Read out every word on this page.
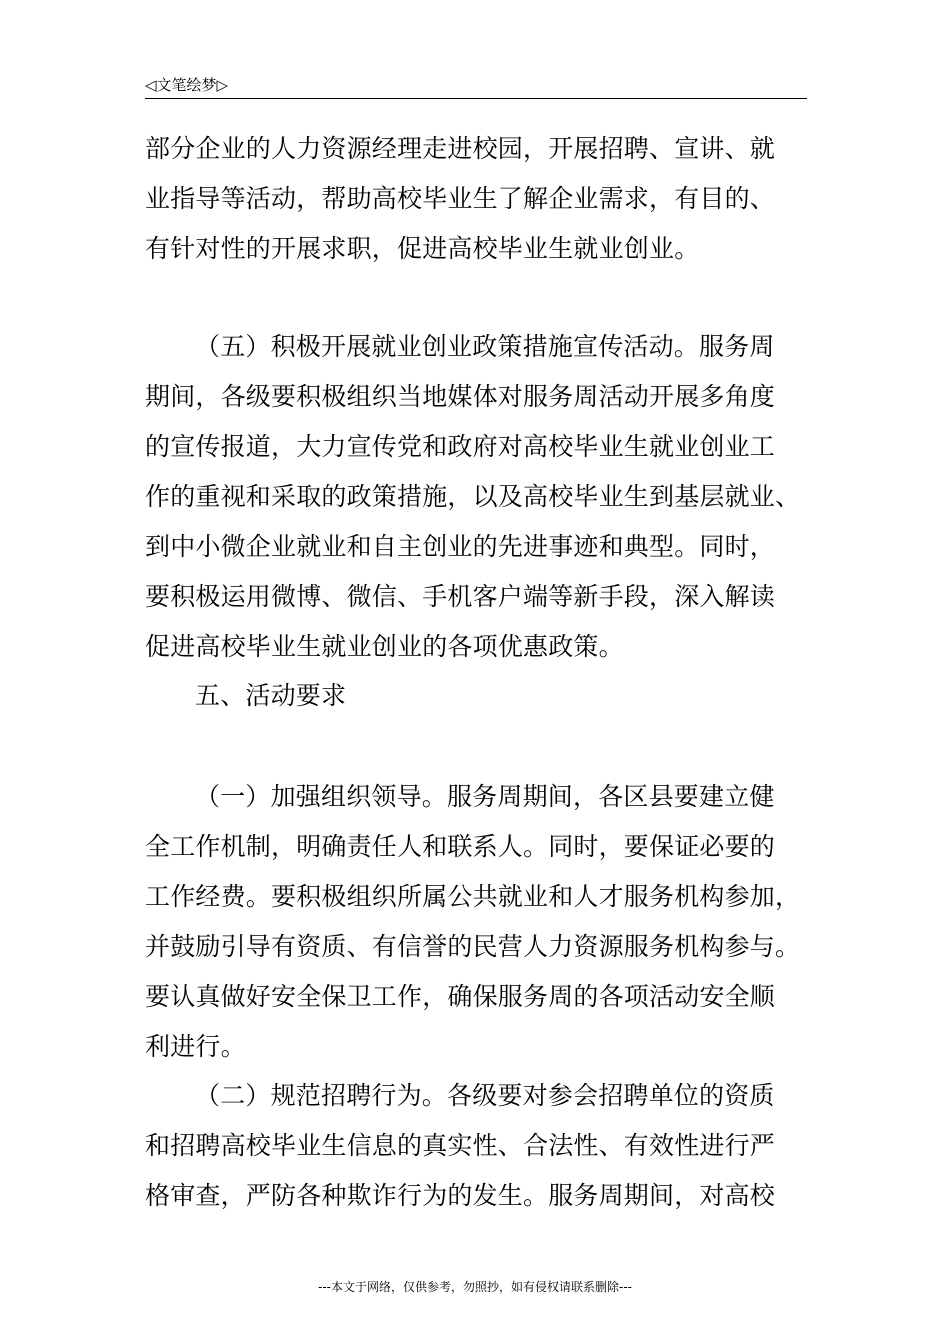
◁文笔绘梦▷
部分企业的人力资源经理走进校园，开展招聘、宣讲、就
业指导等活动，帮助高校毕业生了解企业需求，有目的、
有针对性的开展求职，促进高校毕业生就业创业。
（五）积极开展就业创业政策措施宣传活动。服务周
期间，各级要积极组织当地媒体对服务周活动开展多角度
的宣传报道，大力宣传党和政府对高校毕业生就业创业工
作的重视和采取的政策措施，以及高校毕业生到基层就业、
到中小微企业就业和自主创业的先进事迹和典型。同时，
要积极运用微博、微信、手机客户端等新手段，深入解读
促进高校毕业生就业创业的各项优惠政策。
五、活动要求
（一）加强组织领导。服务周期间，各区县要建立健
全工作机制，明确责任人和联系人。同时，要保证必要的
工作经费。要积极组织所属公共就业和人才服务机构参加，
并鼓励引导有资质、有信誉的民营人力资源服务机构参与。
要认真做好安全保卫工作，确保服务周的各项活动安全顺
利进行。
（二）规范招聘行为。各级要对参会招聘单位的资质
和招聘高校毕业生信息的真实性、合法性、有效性进行严
格审查，严防各种欺诈行为的发生。服务周期间，对高校
---本文于网络，仅供参考，勿照抄，如有侵权请联系删除---
